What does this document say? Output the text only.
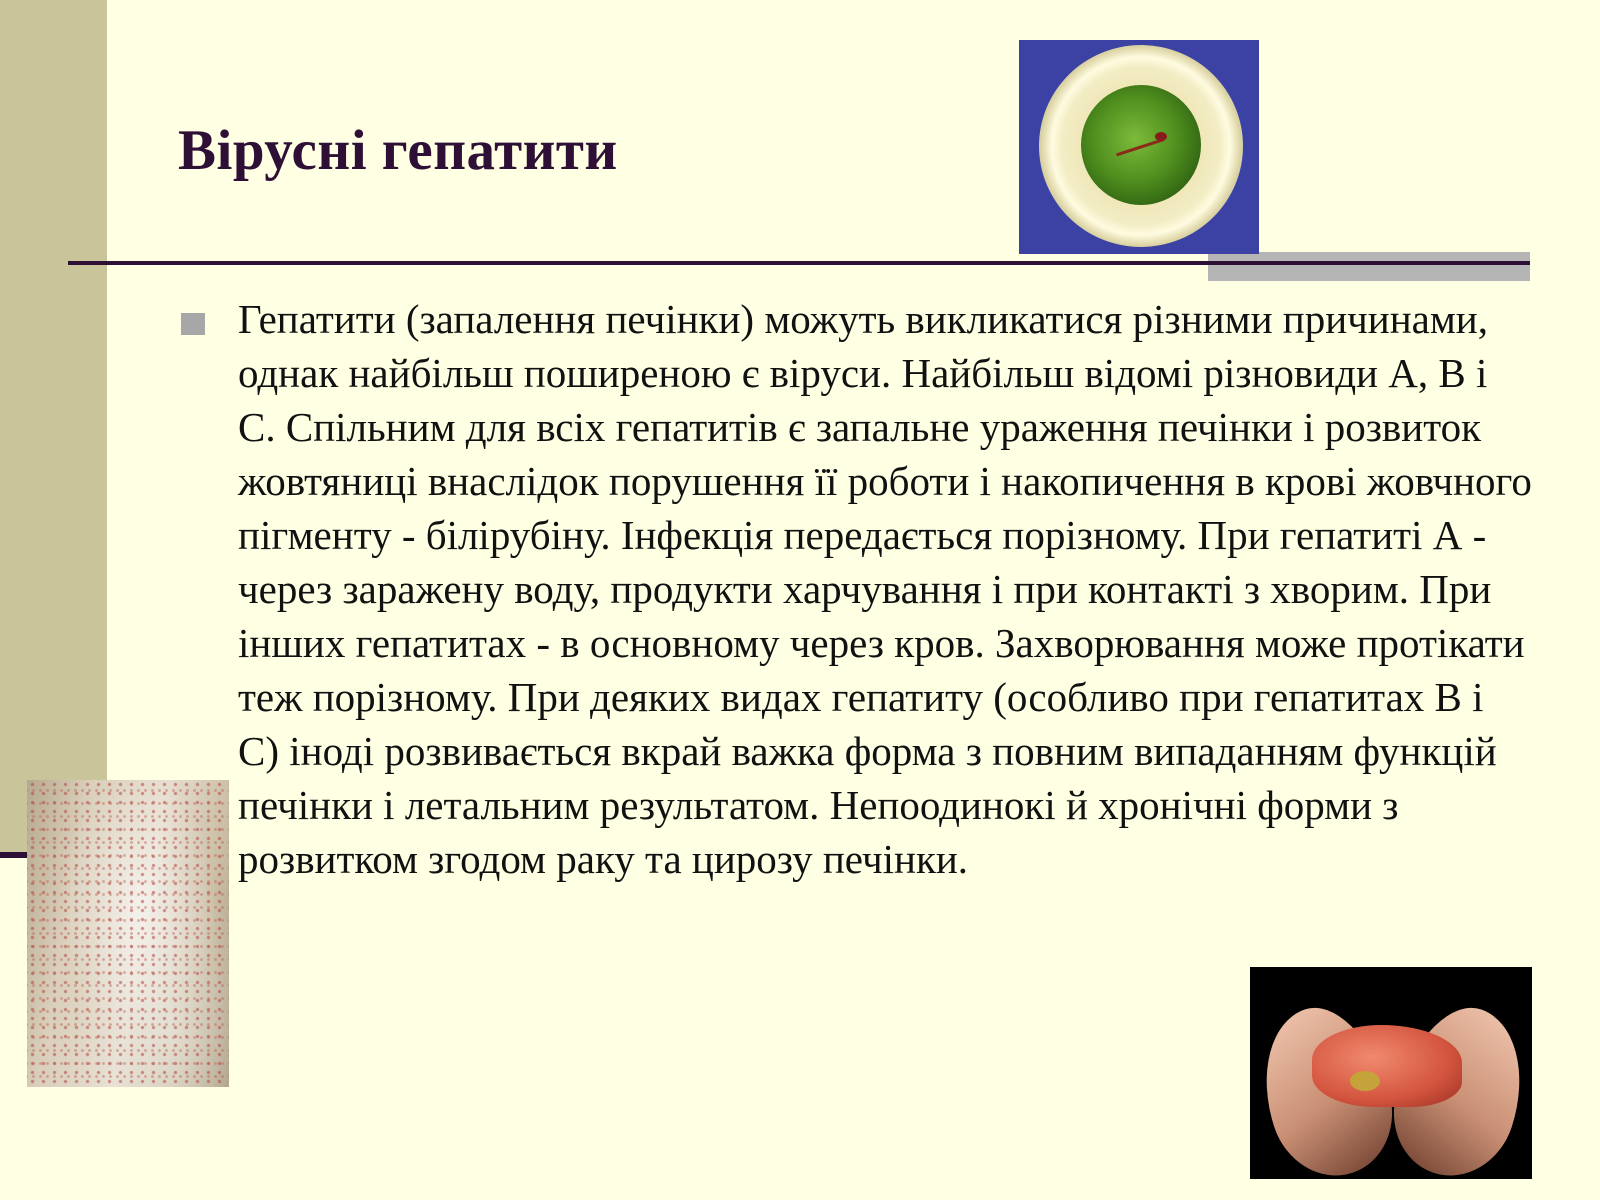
Вірусні гепатити

Гепатити (запалення печінки) можуть викликатися різними причинами, однак найбільш поширеною є віруси. Найбільш відомі різновиди А, В і С. Спільним для всіх гепатитів є запальне ураження печінки і розвиток жовтяниці внаслідок порушення її роботи і накопичення в крові жовчного пігменту - білірубіну. Інфекція передається порізному. При гепатиті А - через заражену воду, продукти харчування і при контакті з хворим. При інших гепатитах - в основному через кров. Захворювання може протікати теж порізному. При деяких видах гепатиту (особливо при гепатитах В і С) іноді розвивається вкрай важка форма з повним випаданням функцій печінки і летальним результатом. Непоодинокі й хронічні форми з розвитком згодом раку та цирозу печінки.
